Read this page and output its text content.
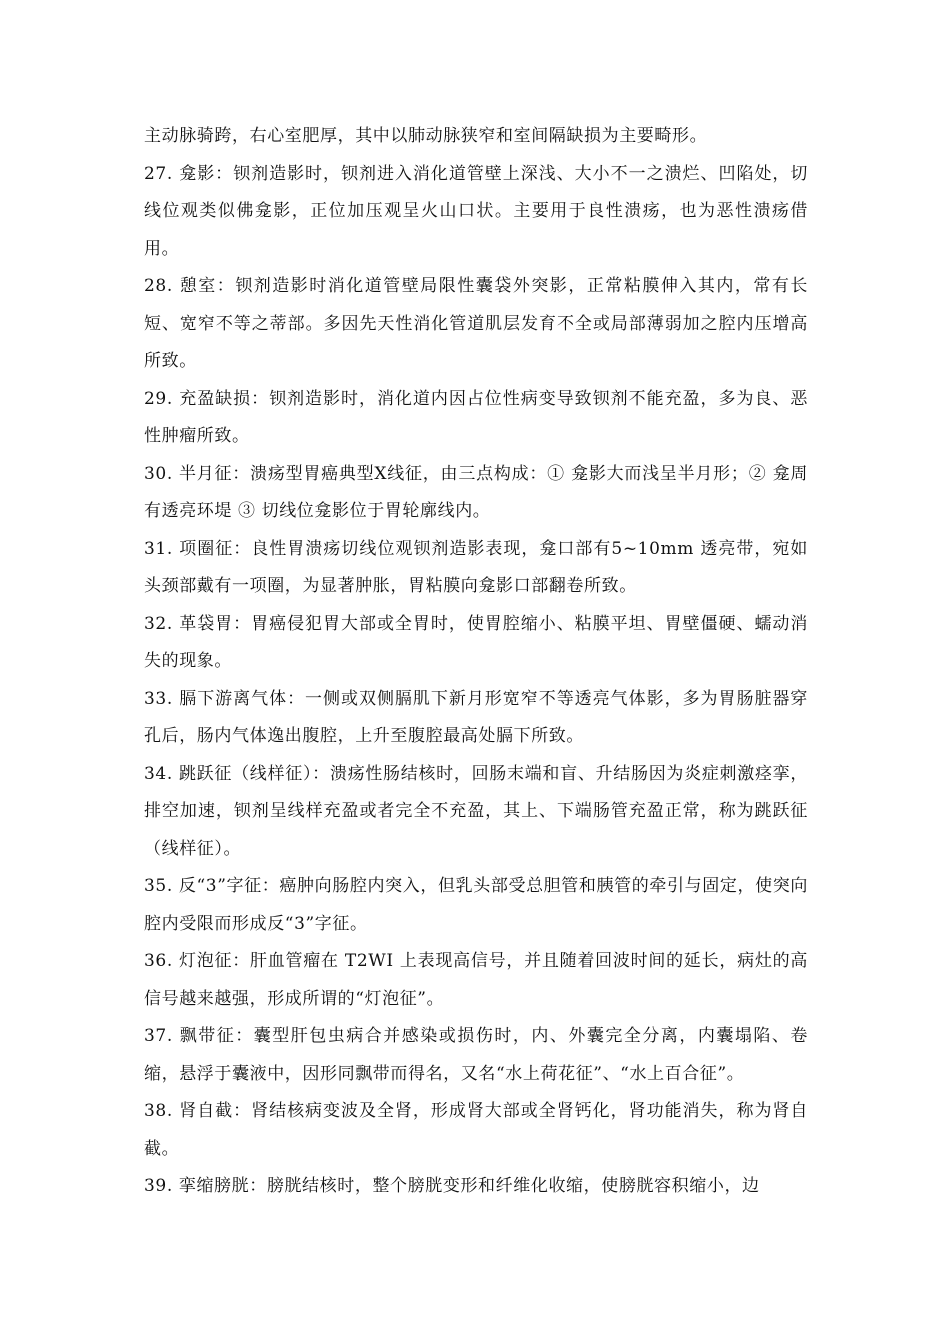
主动脉骑跨，右心室肥厚，其中以肺动脉狭窄和室间隔缺损为主要畸形。

27. 龛影：钡剂造影时，钡剂进入消化道管壁上深浅、大小不一之溃烂、凹陷处，切线位观类似佛龛影，正位加压观呈火山口状。主要用于良性溃疡，也为恶性溃疡借用。

28. 憩室：钡剂造影时消化道管壁局限性囊袋外突影，正常粘膜伸入其内，常有长短、宽窄不等之蒂部。多因先天性消化管道肌层发育不全或局部薄弱加之腔内压增高所致。

29. 充盈缺损：钡剂造影时，消化道内因占位性病变导致钡剂不能充盈，多为良、恶性肿瘤所致。

30. 半月征：溃疡型胃癌典型X线征，由三点构成：① 龛影大而浅呈半月形；② 龛周有透亮环堤 ③ 切线位龛影位于胃轮廓线内。

31. 项圈征：良性胃溃疡切线位观钡剂造影表现，龛口部有5~10mm 透亮带，宛如头颈部戴有一项圈，为显著肿胀，胃粘膜向龛影口部翻卷所致。

32. 革袋胃：胃癌侵犯胃大部或全胃时，使胃腔缩小、粘膜平坦、胃壁僵硬、蠕动消失的现象。

33. 膈下游离气体：一侧或双侧膈肌下新月形宽窄不等透亮气体影，多为胃肠脏器穿孔后，肠内气体逸出腹腔，上升至腹腔最高处膈下所致。

34. 跳跃征（线样征）：溃疡性肠结核时，回肠末端和盲、升结肠因为炎症刺激痉挛，排空加速，钡剂呈线样充盈或者完全不充盈，其上、下端肠管充盈正常，称为跳跃征（线样征）。

35. 反“3”字征：癌肿向肠腔内突入，但乳头部受总胆管和胰管的牵引与固定，使突向腔内受限而形成反“3”字征。

36. 灯泡征：肝血管瘤在 T2WI 上表现高信号，并且随着回波时间的延长，病灶的高信号越来越强，形成所谓的“灯泡征”。

37. 飘带征：囊型肝包虫病合并感染或损伤时，内、外囊完全分离，内囊塌陷、卷缩，悬浮于囊液中，因形同飘带而得名，又名“水上荷花征”、“水上百合征”。

38. 肾自截：肾结核病变波及全肾，形成肾大部或全肾钙化，肾功能消失，称为肾自截。

39. 挛缩膀胱：膀胱结核时，整个膀胱变形和纤维化收缩，使膀胱容积缩小，边
